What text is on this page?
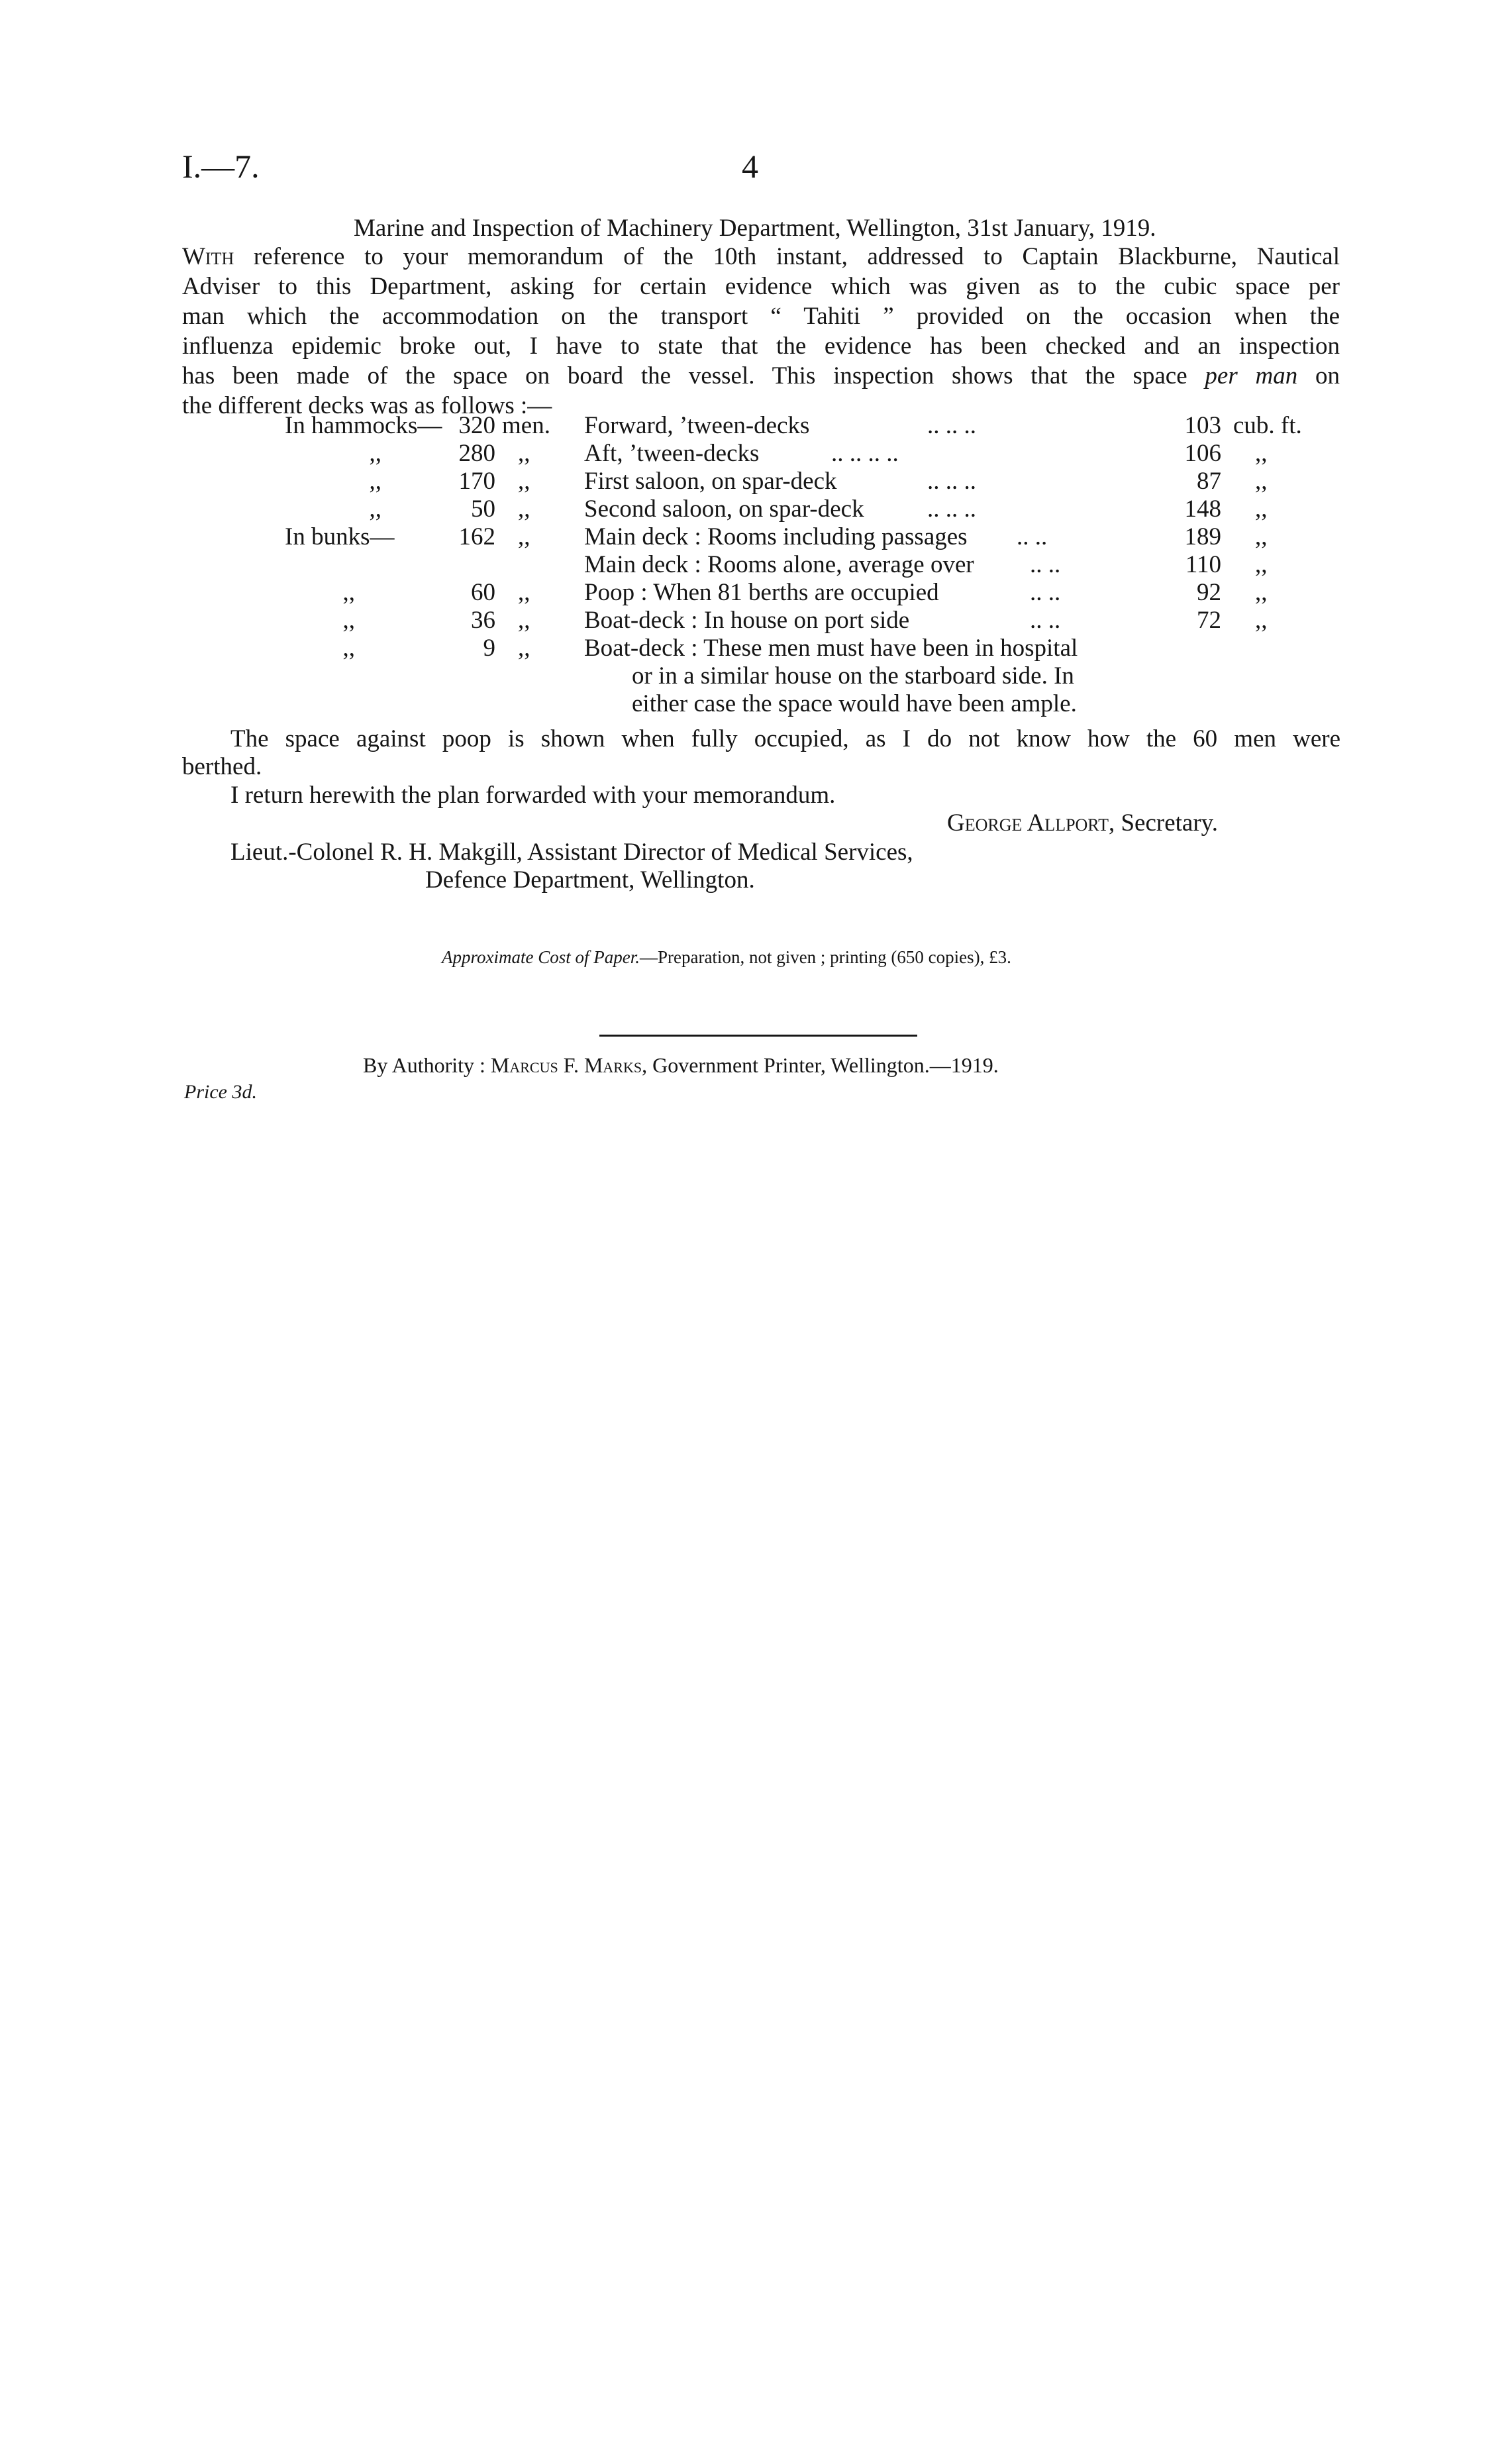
I.—7.	4
Marine and Inspection of Machinery Department, Wellington, 31st January, 1919.
With reference to your memorandum of the 10th instant, addressed to Captain Blackburne, Nautical
Adviser to this Department, asking for certain evidence which was given as to the cubic space per
man which the accommodation on the transport “ Tahiti ” provided on the occasion when the
influenza epidemic broke out, I have to state that the evidence has been checked and an inspection
has been made of the space on board the vessel. This inspection shows that the space per man on
the different decks was as follows :—
In hammocks— 320 men. Forward, ’tween-decks	.. .. ..	103 cub. ft.
,,	280 ,, Aft, ’tween-decks	.. .. .. ..	106 ,,
,,	170 ,, First saloon, on spar-deck	.. .. ..	87 ,,
,,	50 ,, Second saloon, on spar-deck	.. .. ..	148 ,,
In bunks—	162 ,, Main deck : Rooms including passages .. ..	189 ,,
Main deck : Rooms alone, average over .. ..	110 ,,
,,	60 ,, Poop : When 81 berths are occupied	.. ..	92 ,,
,,	36 ,, Boat-deck : In house on port side	.. ..	72 ,,
,,	9 ,, Boat-deck : These men must have been in hospital
or in a similar house on the starboard side. In
either case the space would have been ample.
The space against poop is shown when fully occupied, as I do not know how the 60 men were
berthed.
I return herewith the plan forwarded with your memorandum.
George Allport, Secretary.
Lieut.-Colonel R. H. Makgill, Assistant Director of Medical Services,
Defence Department, Wellington.
Approximate Cost of Paper.—Preparation, not given ; printing (650 copies), £3.
By Authority : Marcus F. Marks, Government Printer, Wellington.—1919.
Price 3d.
